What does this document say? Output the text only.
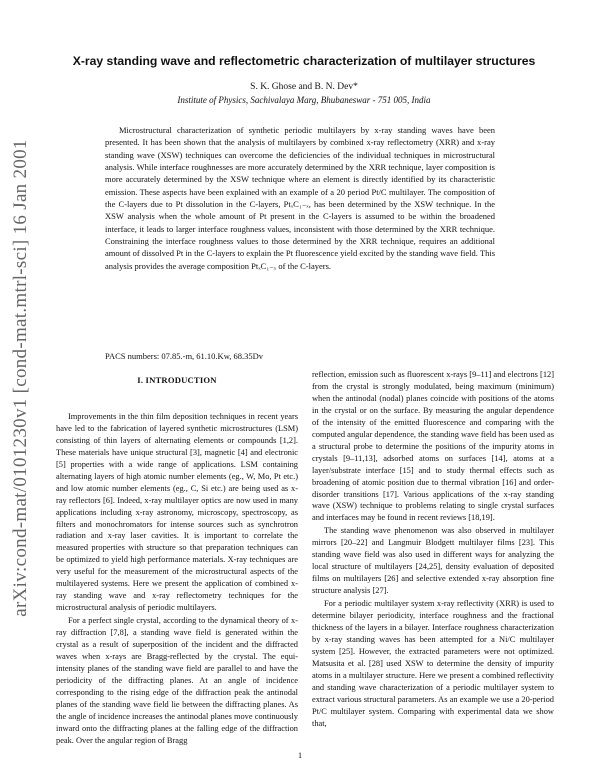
arXiv:cond-mat/0101230v1 [cond-mat.mtrl-sci] 16 Jan 2001
X-ray standing wave and reflectometric characterization of multilayer structures
S. K. Ghose and B. N. Dev*
Institute of Physics, Sachivalaya Marg, Bhubaneswar - 751 005, India

Microstructural characterization of synthetic periodic multilayers by x-ray standing waves have been presented. It has been shown that the analysis of multilayers by combined x-ray reflectometry (XRR) and x-ray standing wave (XSW) techniques can overcome the deficiencies of the individual techniques in microstructural analysis. While interface roughnesses are more accurately determined by the XRR technique, layer composition is more accurately determined by the XSW technique where an element is directly identified by its characteristic emission. These aspects have been explained with an example of a 20 period Pt/C multilayer. The composition of the C-layers due to Pt dissolution in the C-layers, PtₓC₁₋ₓ, has been determined by the XSW technique. In the XSW analysis when the whole amount of Pt present in the C-layers is assumed to be within the broadened interface, it leads to larger interface roughness values, inconsistent with those determined by the XRR technique. Constraining the interface roughness values to those determined by the XRR technique, requires an additional amount of dissolved Pt in the C-layers to explain the Pt fluorescence yield excited by the standing wave field. This analysis provides the average composition PtₓC₁₋ₓ of the C-layers.

PACS numbers: 07.85.-m, 61.10.Kw, 68.35Dv
I. INTRODUCTION

Improvements in the thin film deposition techniques in recent years have led to the fabrication of layered synthetic microstructures (LSM) consisting of thin layers of alternating elements or compounds [1,2]. These materials have unique structural [3], magnetic [4] and electronic [5] properties with a wide range of applications. LSM containing alternating layers of high atomic number elements (eg., W, Mo, Pt etc.) and low atomic number elements (eg., C, Si etc.) are being used as x-ray reflectors [6]. Indeed, x-ray multilayer optics are now used in many applications including x-ray astronomy, microscopy, spectroscopy, as filters and monochromators for intense sources such as synchrotron radiation and x-ray laser cavities. It is important to correlate the measured properties with structure so that preparation techniques can be optimized to yield high performance materials. X-ray techniques are very useful for the measurement of the microstructural aspects of the multilayered systems. Here we present the application of combined x-ray standing wave and x-ray reflectometry techniques for the microstructural analysis of periodic multilayers.

For a perfect single crystal, according to the dynamical theory of x-ray diffraction [7,8], a standing wave field is generated within the crystal as a result of superposition of the incident and the diffracted waves when x-rays are Bragg-reflected by the crystal. The equi-intensity planes of the standing wave field are parallel to and have the periodicity of the diffracting planes. At an angle of incidence corresponding to the rising edge of the diffraction peak the antinodal planes of the standing wave field lie between the diffracting planes. As the angle of incidence increases the antinodal planes move continuously inward onto the diffracting planes at the falling edge of the diffraction peak. Over the angular region of Bragg

reflection, emission such as fluorescent x-rays [9–11] and electrons [12] from the crystal is strongly modulated, being maximum (minimum) when the antinodal (nodal) planes coincide with positions of the atoms in the crystal or on the surface. By measuring the angular dependence of the intensity of the emitted fluorescence and comparing with the computed angular dependence, the standing wave field has been used as a structural probe to determine the positions of the impurity atoms in crystals [9–11,13], adsorbed atoms on surfaces [14], atoms at a layer/substrate interface [15] and to study thermal effects such as broadening of atomic position due to thermal vibration [16] and order-disorder transitions [17]. Various applications of the x-ray standing wave (XSW) technique to problems relating to single crystal surfaces and interfaces may be found in recent reviews [18,19].

The standing wave phenomenon was also observed in multilayer mirrors [20–22] and Langmuir Blodgett multilayer films [23]. This standing wave field was also used in different ways for analyzing the local structure of multilayers [24,25], density evaluation of deposited films on multilayers [26] and selective extended x-ray absorption fine structure analysis [27].

For a periodic multilayer system x-ray reflectivity (XRR) is used to determine bilayer periodicity, interface roughness and the fractional thickness of the layers in a bilayer. Interface roughness characterization by x-ray standing waves has been attempted for a Ni/C multilayer system [25]. However, the extracted parameters were not optimized. Matsusita et al. [28] used XSW to determine the density of impurity atoms in a multilayer structure. Here we present a combined reflectivity and standing wave characterization of a periodic multilayer system to extract various structural parameters. As an example we use a 20-period Pt/C multilayer system. Comparing with experimental data we show that,

1
